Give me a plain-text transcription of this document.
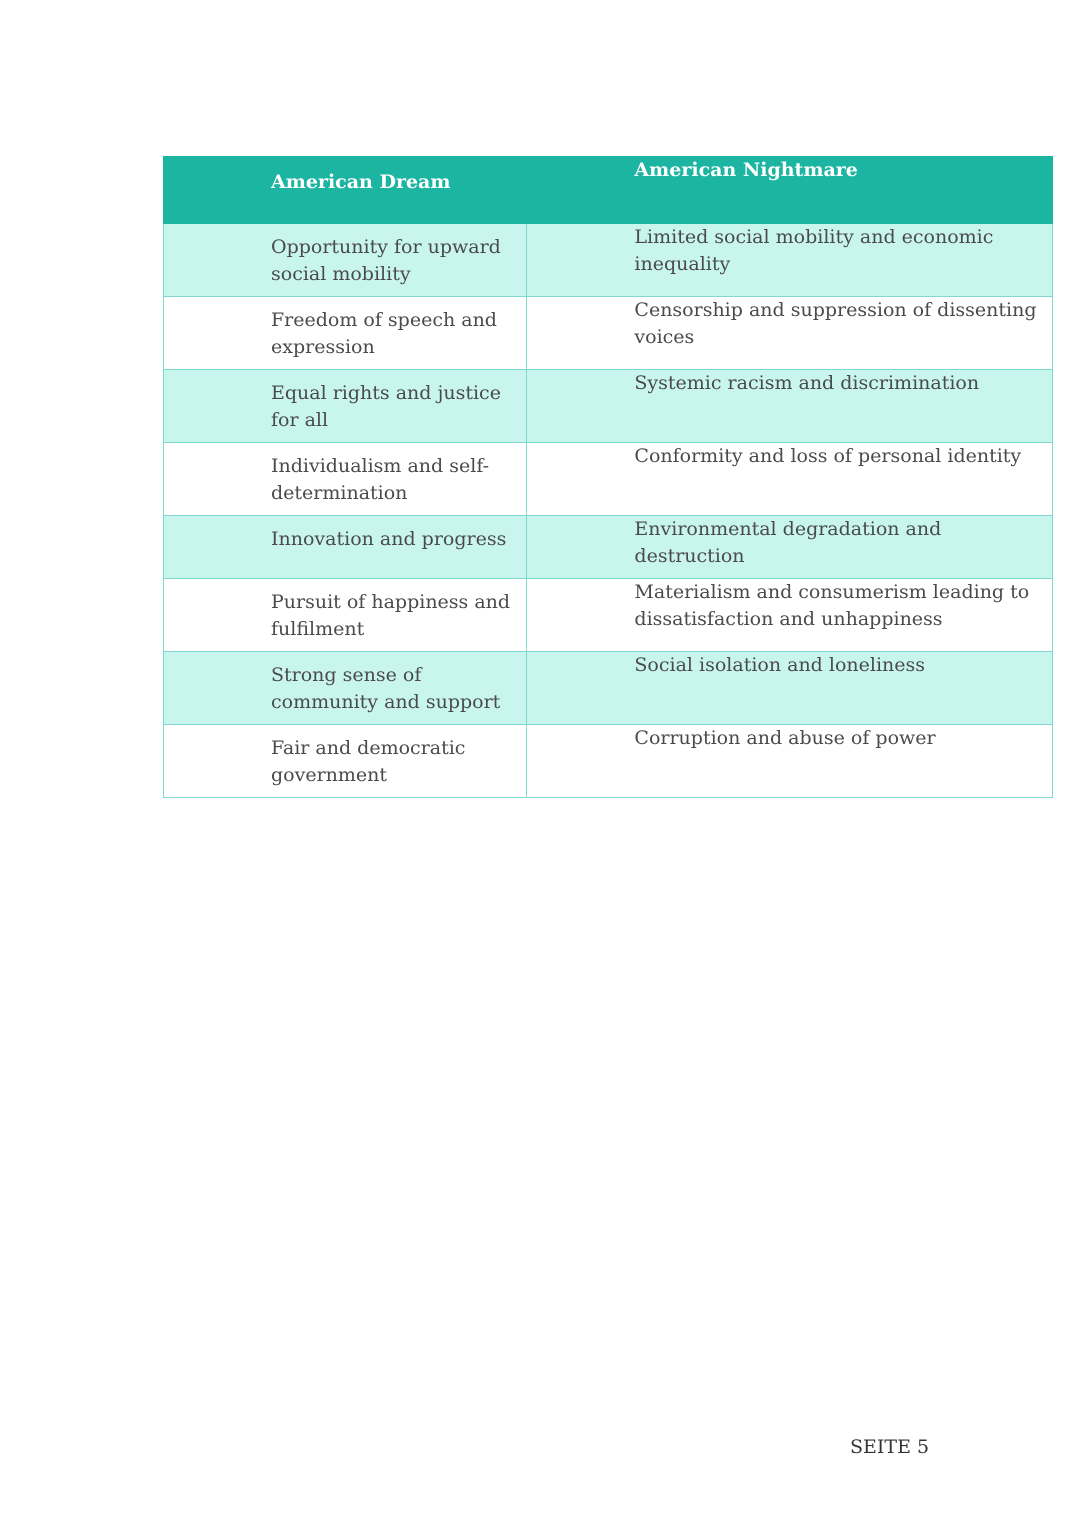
American Dream	American Nightmare
Opportunity for upward social mobility	Limited social mobility and economic inequality
Freedom of speech and expression	Censorship and suppression of dissenting voices
Equal rights and justice for all	Systemic racism and discrimination
Individualism and self-determination	Conformity and loss of personal identity
Innovation and progress	Environmental degradation and destruction
Pursuit of happiness and fulfilment	Materialism and consumerism leading to dissatisfaction and unhappiness
Strong sense of community and support	Social isolation and loneliness
Fair and democratic government	Corruption and abuse of power
SEITE 5
